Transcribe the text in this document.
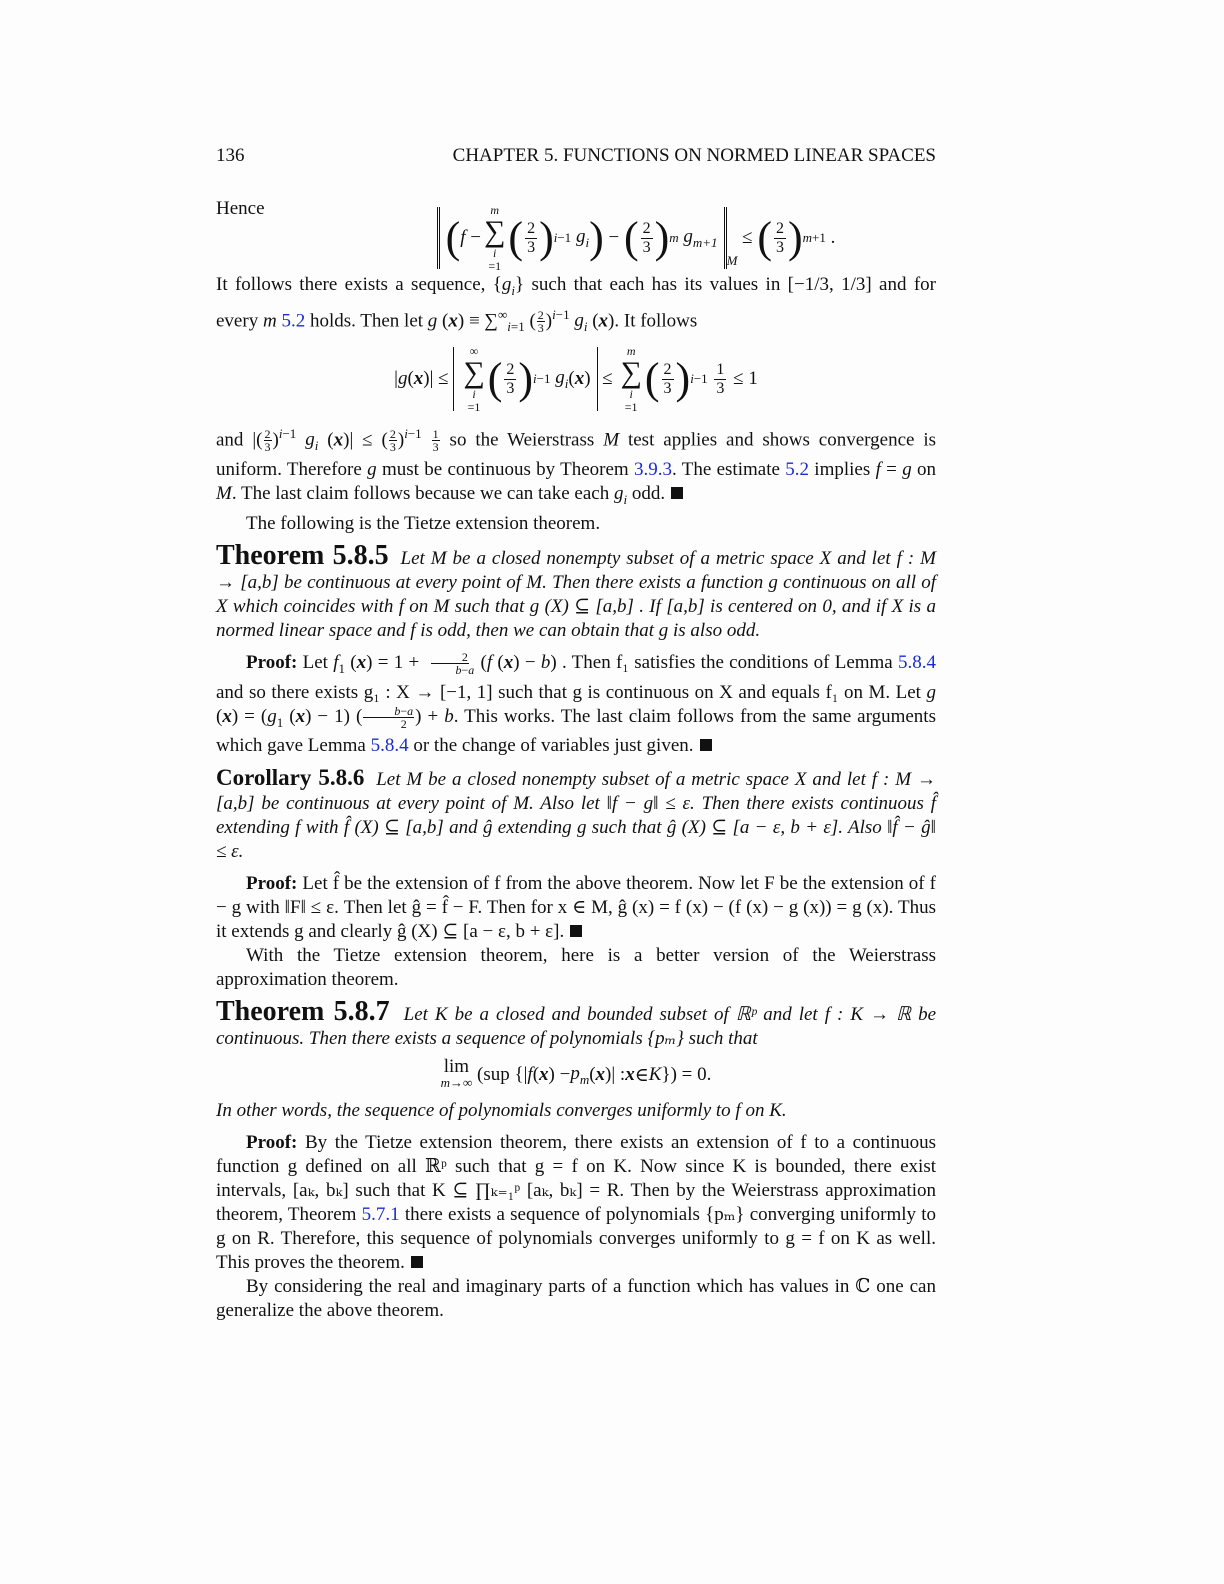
136	CHAPTER 5. FUNCTIONS ON NORMED LINEAR SPACES

Hence

( f −
m
∑
i
=1
( $\frac{2}{3}$ ) i−1
$g_i$ ) − ( $\frac{2}{3}$ ) m
$g_{m+1}$
$_M$
≤ ( $\frac{2}{3}$ ) m+1 .

It follows there exists a sequence, $\{g_i\}$ such that each has its values in [−1/3, 1/3] and for every m 5.2 holds. Then let g $(x) \equiv \sum^\infty_{i=1}$ ( $\frac{2}{3} )^{i-1}$ $g_i$ (x). It follows

| g ( x )| ≤
∞
∑
i
=1
( $\frac{2}{3}$ ) i−1
$g_i$ ( x ) ≤
m
∑
i
=1
( $\frac{2}{3}$ ) i−1
$\frac{1}{3} \le 1$

and |( $\frac{2}{3} )^{i-1}$ $g_i$ (x)| ≤ ( $\frac{2}{3} )^{i-1} \frac{1}{3}$ so the Weierstrass M test applies and shows convergence is uniform. Therefore g must be continuous by Theorem 3.9.3. The estimate 5.2 implies f = g on M. The last claim follows because we can take each $g_i$ odd.

The following is the Tietze extension theorem.

Theorem 5.8.5 Let M be a closed nonempty subset of a metric space X and let f : M → [a,b] be continuous at every point of M. Then there exists a function g continuous on all of X which coincides with f on M such that g (X) ⊆ [a,b] . If [a,b] is centered on 0, and if X is a normed linear space and f is odd, then we can obtain that g is also odd.

Proof: Let $f_1$ $(x) = 1 + \frac{2}{b-a} (f$ (x) − b) . Then f₁ satisfies the conditions of Lemma 5.8.4 and so there exists g₁ : X → [−1, 1] such that g is continuous on X and equals f₁ on M. Let g $(x) = (g_1$ (x) − 1) ( $\frac{b-a}{2}$ ) + b. This works. The last claim follows from the same arguments which gave Lemma 5.8.4 or the change of variables just given.

Corollary 5.8.6 Let M be a closed nonempty subset of a metric space X and let f : M → [a,b] be continuous at every point of M. Also let ‖f − g‖ ≤ ε. Then there exists continuous f̂ extending f with f̂ (X) ⊆ [a,b] and ĝ extending g such that ĝ (X) ⊆ [a − ε, b + ε]. Also ‖f̂ − ĝ‖ ≤ ε.

Proof: Let f̂ be the extension of f from the above theorem. Now let F be the extension of f − g with ‖F‖ ≤ ε. Then let ĝ = f̂ − F. Then for x ∈ M, ĝ (x) = f (x) − (f (x) − g (x)) = g (x). Thus it extends g and clearly ĝ (X) ⊆ [a − ε, b + ε].

With the Tietze extension theorem, here is a better version of the Weierstrass approximation theorem.

Theorem 5.8.7 Let K be a closed and bounded subset of ℝᵖ and let f : K → ℝ be continuous. Then there exists a sequence of polynomials {pₘ} such that

lim
m→∞ (sup {| f ( x ) − $p_m$ ( x )| : x ∈ K }) = 0.

In other words, the sequence of polynomials converges uniformly to f on K.

Proof: By the Tietze extension theorem, there exists an extension of f to a continuous function g defined on all ℝᵖ such that g = f on K. Now since K is bounded, there exist intervals, [aₖ, bₖ] such that K ⊆ ∏ₖ₌₁ᵖ [aₖ, bₖ] = R. Then by the Weierstrass approximation theorem, Theorem 5.7.1 there exists a sequence of polynomials {pₘ} converging uniformly to g on R. Therefore, this sequence of polynomials converges uniformly to g = f on K as well. This proves the theorem.

By considering the real and imaginary parts of a function which has values in ℂ one can generalize the above theorem.
